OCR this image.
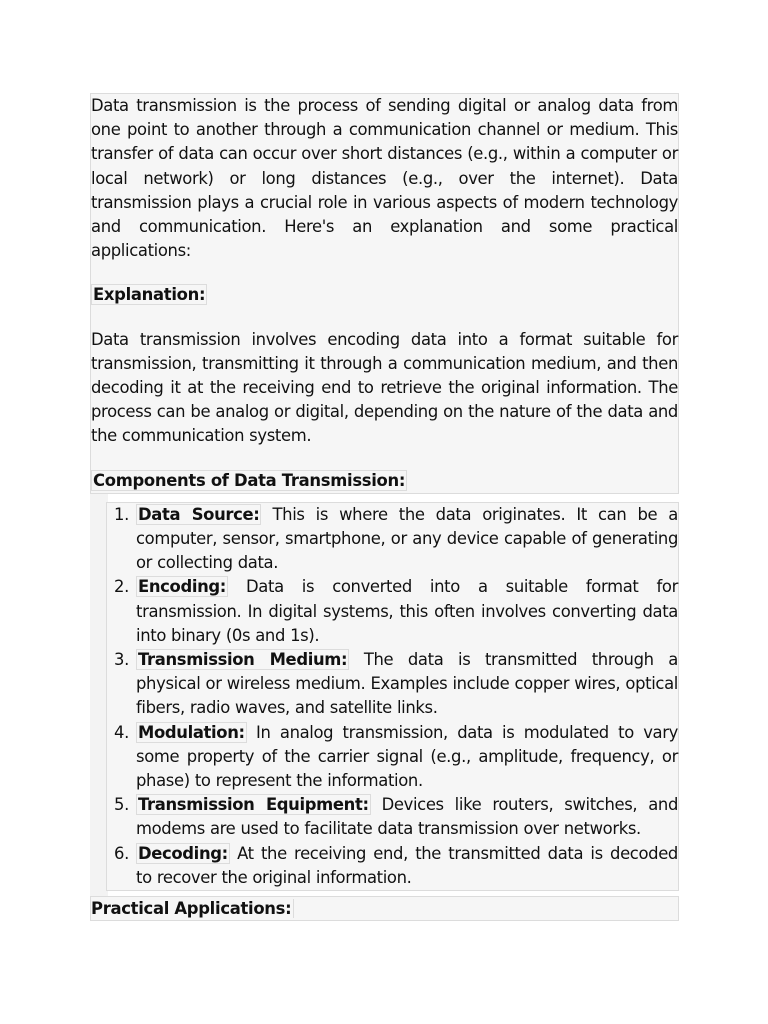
Data transmission is the process of sending digital or analog data from one point to another through a communication channel or medium. This transfer of data can occur over short distances (e.g., within a computer or local network) or long distances (e.g., over the internet). Data transmission plays a crucial role in various aspects of modern technology and communication. Here's an explanation and some practical applications:

Explanation:

Data transmission involves encoding data into a format suitable for transmission, transmitting it through a communication medium, and then decoding it at the receiving end to retrieve the original information. The process can be analog or digital, depending on the nature of the data and the communication system.

Components of Data Transmission:

1. Data Source: This is where the data originates. It can be a computer, sensor, smartphone, or any device capable of generating or collecting data.
2. Encoding: Data is converted into a suitable format for transmission. In digital systems, this often involves converting data into binary (0s and 1s).
3. Transmission Medium: The data is transmitted through a physical or wireless medium. Examples include copper wires, optical fibers, radio waves, and satellite links.
4. Modulation: In analog transmission, data is modulated to vary some property of the carrier signal (e.g., amplitude, frequency, or phase) to represent the information.
5. Transmission Equipment: Devices like routers, switches, and modems are used to facilitate data transmission over networks.
6. Decoding: At the receiving end, the transmitted data is decoded to recover the original information.
Practical Applications:
